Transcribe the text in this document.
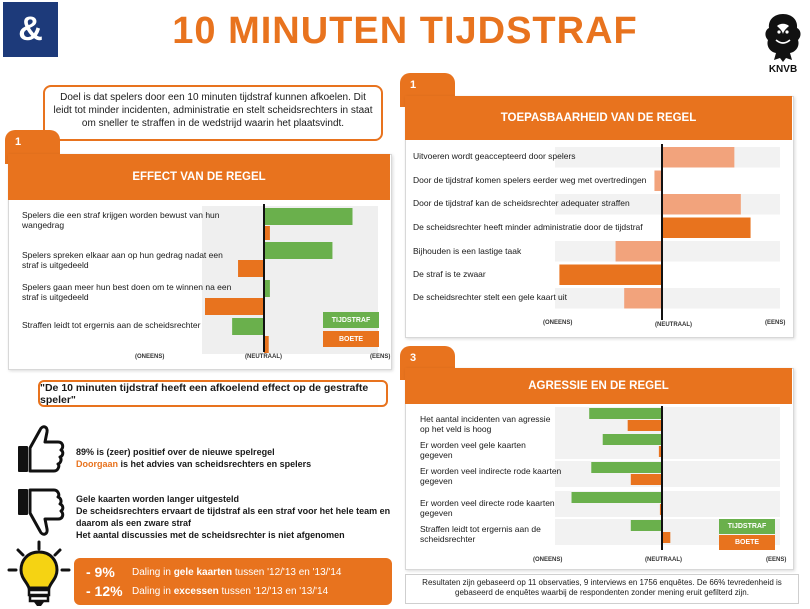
&	10 MINUTEN TIJDSTRAF
KNVB
Doel is dat spelers door een 10 minuten tijdstraf kunnen afkoelen. Dit leidt tot minder incidenten, administratie en stelt scheidsrechters in staat om sneller te straffen in de wedstrijd waarin het plaatsvindt.
1
EFFECT VAN DE REGEL
Spelers die een straf krijgen worden bewust van hun wangedrag
Spelers spreken elkaar aan op hun gedrag nadat een straf is uitgedeeld
Spelers gaan meer hun best doen om te winnen na een straf is uitgedeeld
Straffen leidt tot ergernis aan de scheidsrechter	TIJDSTRAF
BOETE
(ONEENS)	(NEUTRAAL)	(EENS)
1
TOEPASBAARHEID VAN DE REGEL
Uitvoeren wordt geaccepteerd door spelers
Door de tijdstraf komen spelers eerder weg met overtredingen
Door de tijdstraf kan de scheidsrechter adequater straffen
De scheidsrechter heeft minder administratie door de tijdstraf
Bijhouden is een lastige taak
De straf is te zwaar
De scheidsrechter stelt een gele kaart uit
(ONEENS)	(NEUTRAAL)	(EENS)
3
AGRESSIE EN DE REGEL
Het aantal incidenten van agressie op het veld is hoog
Er worden veel gele kaarten gegeven
Er worden veel indirecte rode kaarten gegeven
Er worden veel directe rode kaarten gegeven
Straffen leidt tot ergernis aan de scheidsrechter
TIJDSTRAF
BOETE
(ONEENS)	(NEUTRAAL)	(EENS)
"De 10 minuten tijdstraf heeft een afkoelend effect op de gestrafte speler"
89% is (zeer) positief over de nieuwe spelregel
Doorgaan is het advies van scheidsrechters en spelers
Gele kaarten worden langer uitgesteld
De scheidsrechters ervaart de tijdstraf als een straf voor het hele team en daarom als een zware straf
Het aantal discussies met de scheidsrechter is niet afgenomen
- 9% Daling in gele kaarten tussen '12/'13 en '13/'14
- 12% Daling in excessen tussen '12/'13 en '13/'14
Resultaten zijn gebaseerd op 11 observaties, 9 interviews en 1756 enquêtes. De 66% tevredenheid is gebaseerd de enquêtes waarbij de respondenten zonder mening eruit gefilterd zijn.
